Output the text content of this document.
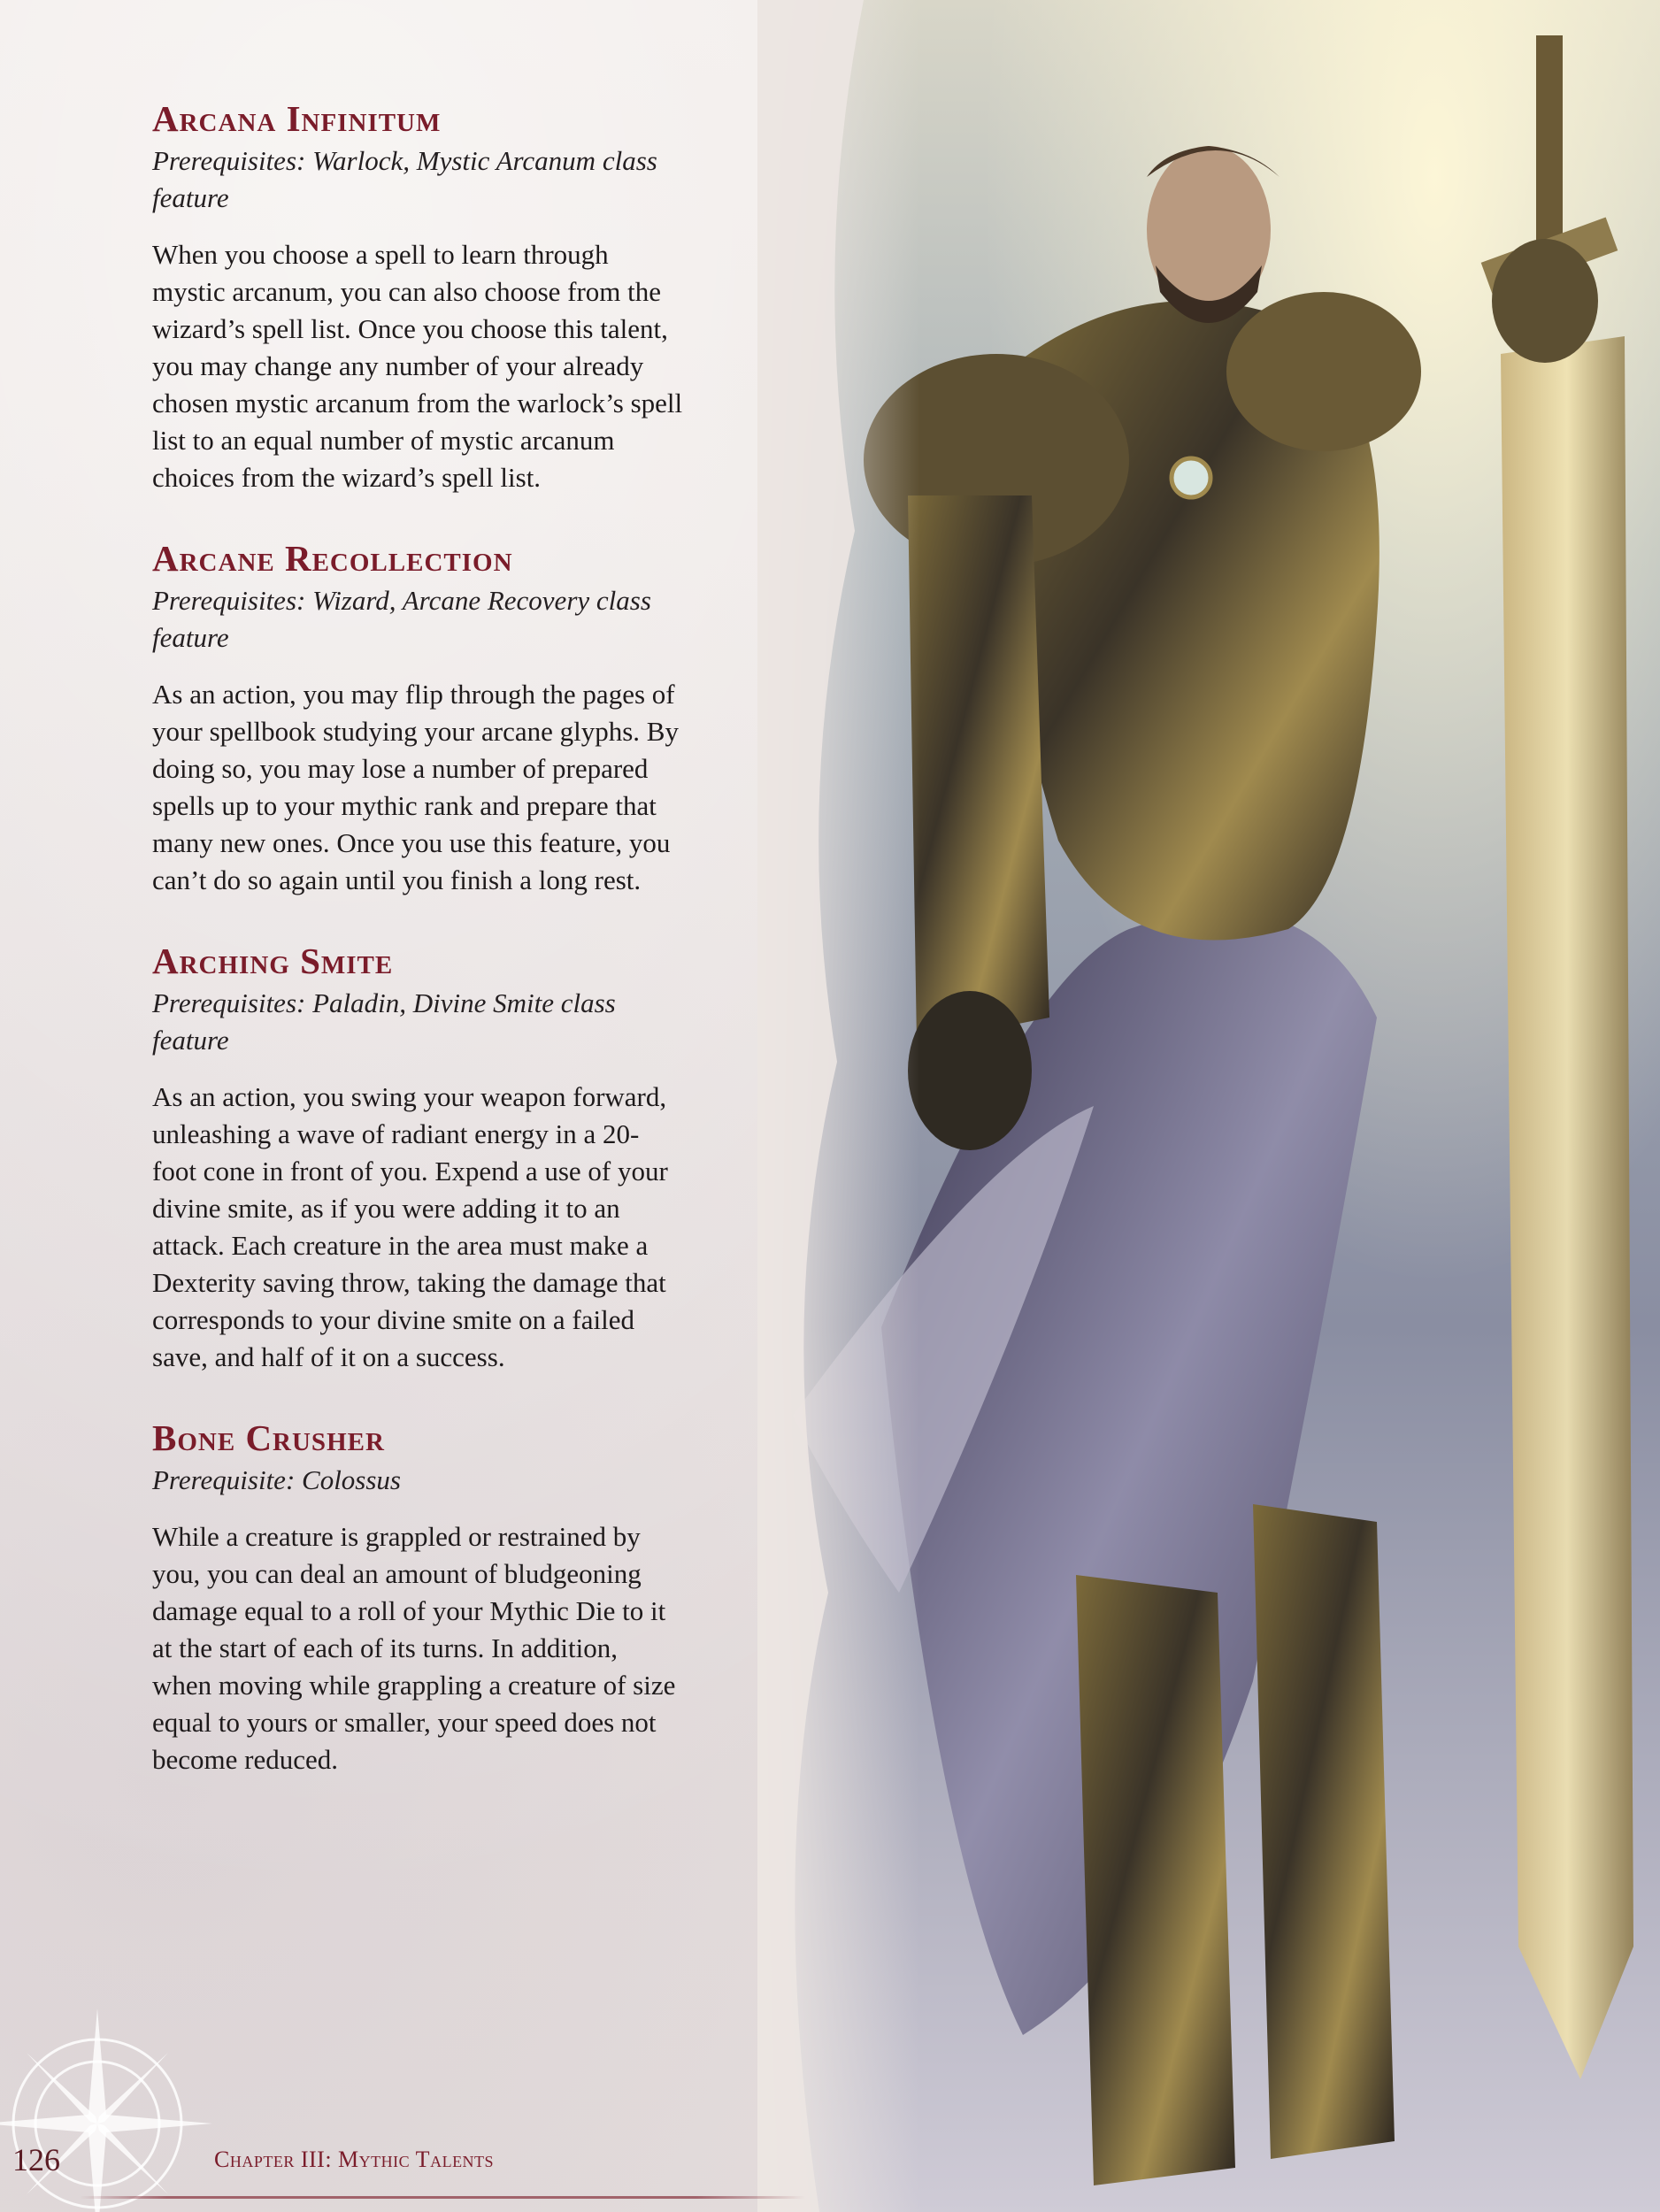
Arcana Infinitum

Prerequisites: Warlock, Mystic Arcanum class feature

When you choose a spell to learn through mystic arcanum, you can also choose from the wizard’s spell list. Once you choose this talent, you may change any number of your already chosen mystic arcanum from the warlock’s spell list to an equal number of mystic arcanum choices from the wizard’s spell list.

Arcane Recollection

Prerequisites: Wizard, Arcane Recovery class feature

As an action, you may flip through the pages of your spellbook studying your arcane glyphs. By doing so, you may lose a number of prepared spells up to your mythic rank and prepare that many new ones. Once you use this feature, you can’t do so again until you finish a long rest.

Arching Smite

Prerequisites: Paladin, Divine Smite class feature

As an action, you swing your weapon forward, unleashing a wave of radiant energy in a 20-foot cone in front of you. Expend a use of your divine smite, as if you were adding it to an attack. Each creature in the area must make a Dexterity saving throw, taking the damage that corresponds to your divine smite on a failed save, and half of it on a success.

Bone Crusher

Prerequisite: Colossus

While a creature is grappled or restrained by you, you can deal an amount of bludgeoning damage equal to a roll of your Mythic Die to it at the start of each of its turns. In addition, when moving while grappling a creature of size equal to yours or smaller, your speed does not become reduced.

126	Chapter III: Mythic Talents
